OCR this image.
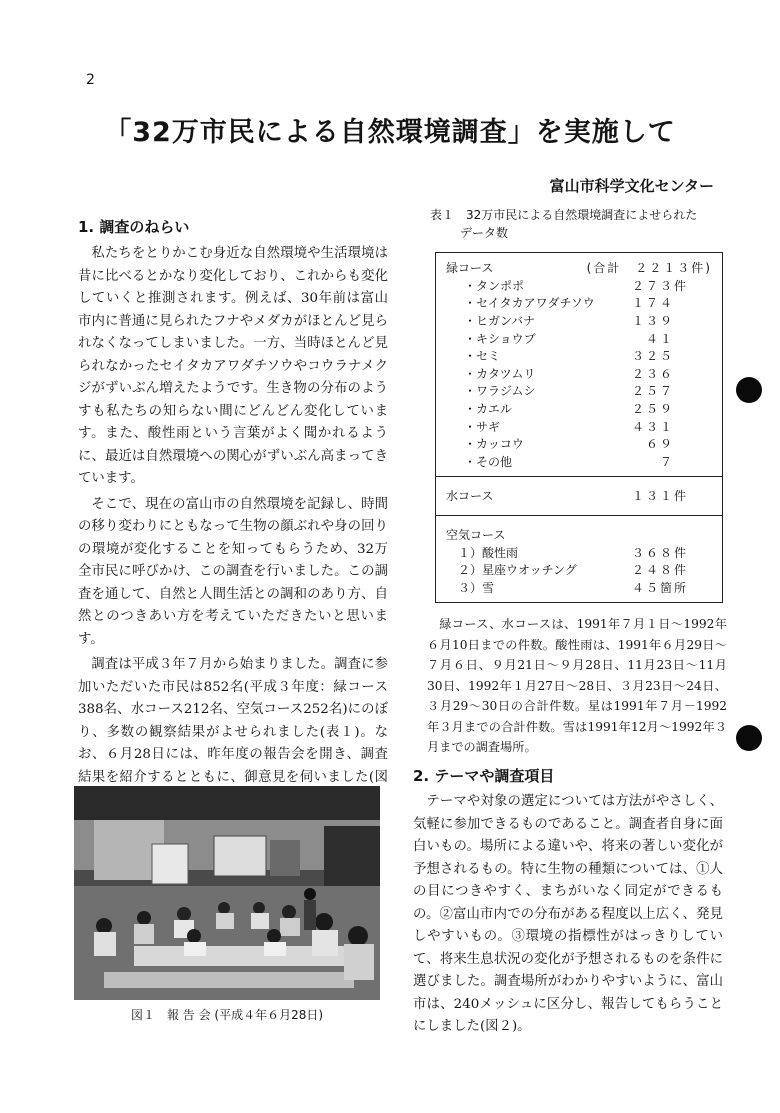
2
「32万市民による自然環境調査」を実施して
富山市科学文化センター
1. 調査のねらい

私たちをとりかこむ身近な自然環境や生活環境は昔に比べるとかなり変化しており、これからも変化していくと推測されます。例えば、30年前は富山市内に普通に見られたフナやメダカがほとんど見られなくなってしまいました。一方、当時ほとんど見られなかったセイタカアワダチソウやコウラナメクジがずいぶん増えたようです。生き物の分布のようすも私たちの知らない間にどんどん変化しています。また、酸性雨という言葉がよく聞かれるように、最近は自然環境への関心がずいぶん高まってきています。

そこで、現在の富山市の自然環境を記録し、時間の移り変わりにともなって生物の顔ぶれや身の回りの環境が変化することを知ってもらうため、32万全市民に呼びかけ、この調査を行いました。この調査を通して、自然と人間生活との調和のあり方、自然とのつきあい方を考えていただきたいと思います。

調査は平成３年７月から始まりました。調査に参加いただいた市民は852名(平成３年度：緑コース388名、水コース212名、空気コース252名)にのぼり、多数の観察結果がよせられました(表１)。なお、６月28日には、昨年度の報告会を開き、調査結果を紹介するとともに、御意見を伺いました(図

図１　報 告 会 (平成４年６月28日)
表１　32万市民による自然環境調査によせられた
データ数
緑コース	(合計　２２１３件)
・タンポポ	２７３件
・セイタカアワダチソウ	１７４
・ヒガンバナ	１３９
・キショウブ	　４１
・セミ	３２５
・カタツムリ	２３６
・ワラジムシ	２５７
・カエル	２５９
・サギ	４３１
・カッコウ	　６９
・その他	　　７
水コース	１３１件
空気コース
１）酸性雨	３６８件
２）星座ウオッチング	２４８件
３）雪	４５箇所

緑コース、水コースは、1991年７月１日～1992年６月10日までの件数。酸性雨は、1991年６月29日～７月６日、９月21日～９月28日、11月23日～11月30日、1992年１月27日～28日、３月23日～24日、３月29～30日の合計件数。星は1991年７月－1992年３月までの合計件数。雪は1991年12月～1992年３月までの調査場所。

2. テーマや調査項目

テーマや対象の選定については方法がやさしく、気軽に参加できるものであること。調査者自身に面白いもの。場所による違いや、将来の著しい変化が予想されるもの。特に生物の種類については、①人の目につきやすく、まちがいなく同定ができるもの。②富山市内での分布がある程度以上広く、発見しやすいもの。③環境の指標性がはっきりしていて、将来生息状況の変化が予想されるものを条件に選びました。調査場所がわかりやすいように、富山市は、240メッシュに区分し、報告してもらうことにしました(図２)。
